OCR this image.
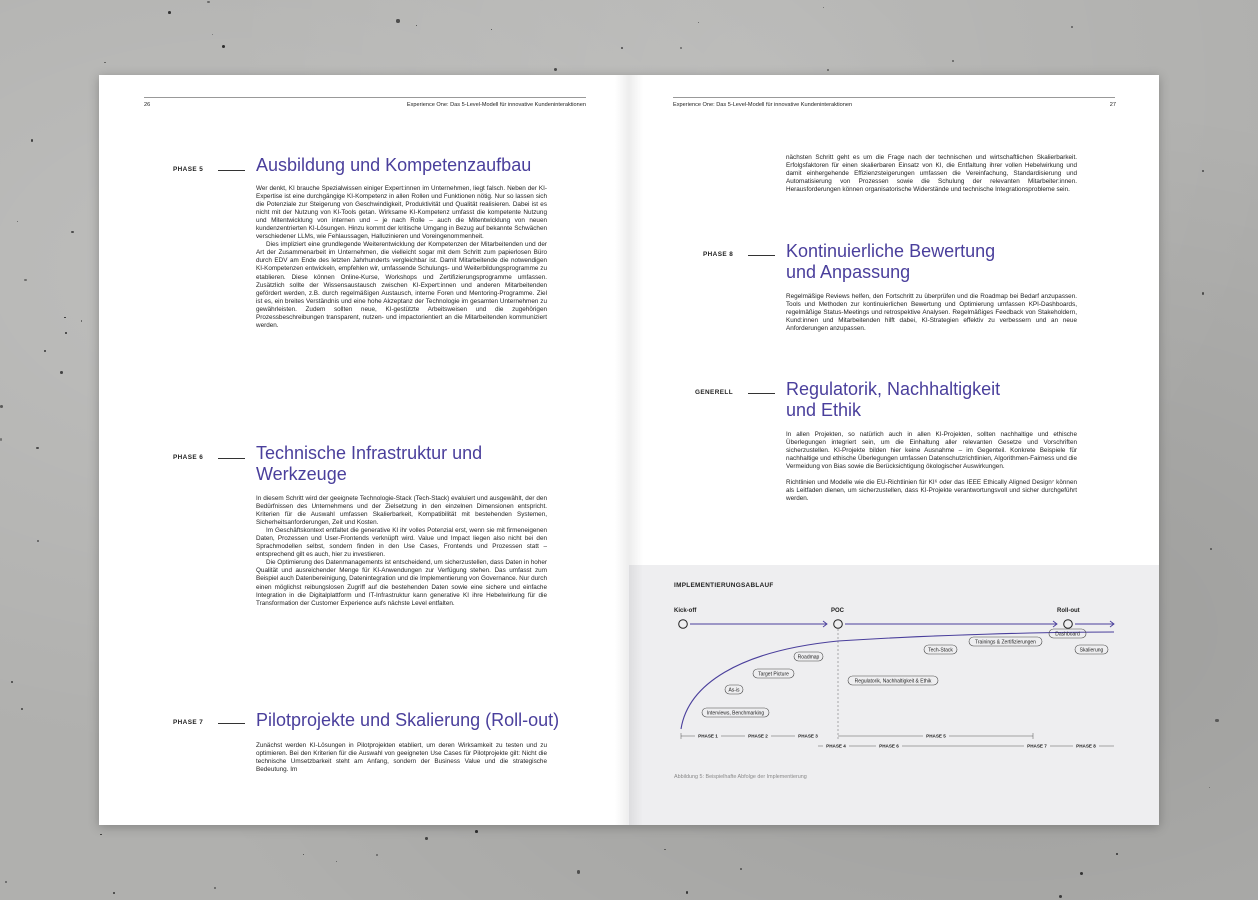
26	Experience One: Das 5-Level-Modell für innovative Kundeninteraktionen
PHASE 5	Ausbildung und Kompetenzaufbau

Wer denkt, KI brauche Spezialwissen einiger Expert:innen im Unternehmen, liegt falsch. Neben der KI-Expertise ist eine durchgängige KI-Kompetenz in allen Rollen und Funktionen nötig. Nur so lassen sich die Potenziale zur Steigerung von Geschwindigkeit, Produktivität und Qualität realisieren. Dabei ist es nicht mit der Nutzung von KI-Tools getan. Wirksame KI-Kompetenz umfasst die kompetente Nutzung und Mitentwicklung von internen und – je nach Rolle – auch die Mitentwicklung von neuen kundenzentrierten KI-Lösungen. Hinzu kommt der kritische Umgang in Bezug auf bekannte Schwächen verschiedener LLMs, wie Fehlaussagen, Halluzinieren und Voreingenommenheit.

Dies impliziert eine grundlegende Weiterentwicklung der Kompetenzen der Mitarbeitenden und der Art der Zusammenarbeit im Unternehmen, die vielleicht sogar mit dem Schritt zum papierlosen Büro durch EDV am Ende des letzten Jahrhunderts vergleichbar ist. Damit Mitarbeitende die notwendigen KI-Kompetenzen entwickeln, empfehlen wir, umfassende Schulungs- und Weiterbildungsprogramme zu etablieren. Diese können Online-Kurse, Workshops und Zertifizierungsprogramme umfassen. Zusätzlich sollte der Wissensaustausch zwischen KI-Expert:innen und anderen Mitarbeitenden gefördert werden, z.B. durch regelmäßigen Austausch, interne Foren und Mentoring-Programme. Ziel ist es, ein breites Verständnis und eine hohe Akzeptanz der Technologie im gesamten Unternehmen zu gewährleisten. Zudem sollten neue, KI-gestützte Arbeitsweisen und die zugehörigen Prozessbeschreibungen transparent, nutzen- und impactorientiert an die Mitarbeitenden kommuniziert werden.

PHASE 6	Technische Infrastruktur und Werkzeuge

In diesem Schritt wird der geeignete Technologie-Stack (Tech-Stack) evaluiert und ausgewählt, der den Bedürfnissen des Unternehmens und der Zielsetzung in den einzelnen Dimensionen entspricht. Kriterien für die Auswahl umfassen Skalierbarkeit, Kompatibilität mit bestehenden Systemen, Sicherheitsanforderungen, Zeit und Kosten.

Im Geschäftskontext entfaltet die generative KI ihr volles Potenzial erst, wenn sie mit firmeneigenen Daten, Prozessen und User-Frontends verknüpft wird. Value und Impact liegen also nicht bei den Sprachmodellen selbst, sondern finden in den Use Cases, Frontends und Prozessen statt – entsprechend gilt es auch, hier zu investieren.

Die Optimierung des Datenmanagements ist entscheidend, um sicherzustellen, dass Daten in hoher Qualität und ausreichender Menge für KI-Anwendungen zur Verfügung stehen. Das umfasst zum Beispiel auch Datenbereinigung, Datenintegration und die Implementierung von Governance. Nur durch einen möglichst reibungslosen Zugriff auf die bestehenden Daten sowie eine sichere und einfache Integration in die Digitalplattform und IT-Infrastruktur kann generative KI ihre Hebelwirkung für die Transformation der Customer Experience aufs nächste Level entfalten.

PHASE 7	Pilotprojekte und Skalierung (Roll-out)

Zunächst werden KI-Lösungen in Pilotprojekten etabliert, um deren Wirksamkeit zu testen und zu optimieren. Bei den Kriterien für die Auswahl von geeigneten Use Cases für Pilotprojekte gilt: Nicht die technische Umsetzbarkeit steht am Anfang, sondern der Business Value und die strategische Bedeutung. Im

Experience One: Das 5-Level-Modell für innovative Kundeninteraktionen	27

nächsten Schritt geht es um die Frage nach der technischen und wirtschaftlichen Skalierbarkeit. Erfolgsfaktoren für einen skalierbaren Einsatz von KI, die Entfaltung ihrer vollen Hebelwirkung und damit einhergehende Effizienzsteigerungen umfassen die Vereinfachung, Standardisierung und Automatisierung von Prozessen sowie die Schulung der relevanten Mitarbeiter:innen. Herausforderungen können organisatorische Widerstände und technische Integrationsprobleme sein.

PHASE 8	Kontinuierliche Bewertung und Anpassung

Regelmäßige Reviews helfen, den Fortschritt zu überprüfen und die Roadmap bei Bedarf anzupassen. Tools und Methoden zur kontinuierlichen Bewertung und Optimierung umfassen KPI-Dashboards, regelmäßige Status-Meetings und retrospektive Analysen. Regelmäßiges Feedback von Stakeholdern, Kund:innen und Mitarbeitenden hilft dabei, KI-Strategien effektiv zu verbessern und an neue Anforderungen anzupassen.

GENERELL	Regulatorik, Nachhaltigkeit und Ethik

In allen Projekten, so natürlich auch in allen KI-Projekten, sollten nachhaltige und ethische Überlegungen integriert sein, um die Einhaltung aller relevanten Gesetze und Vorschriften sicherzustellen. KI-Projekte bilden hier keine Ausnahme – im Gegenteil. Konkrete Beispiele für nachhaltige und ethische Überlegungen umfassen Datenschutzrichtlinien, Algorithmen-Fairness und die Vermeidung von Bias sowie die Berücksichtigung ökologischer Auswirkungen.

Richtlinien und Modelle wie die EU-Richtlinien für KI⁶ oder das IEEE Ethically Aligned Design⁷ können als Leitfaden dienen, um sicherzustellen, dass KI-Projekte verantwortungsvoll und sicher durchgeführt werden.

IMPLEMENTIERUNGSABLAUF
Kick-off	POC	Roll-out
Interviews, Benchmarking
As-is
Target Picture
Roadmap
Regulatorik, Nachhaltigkeit & Ethik
Tech-Stack
Trainings & Zertifizierungen
Dashboard
Skalierung
PHASE 1	PHASE 2	PHASE 3	PHASE 5
PHASE 7	PHASE 8
PHASE 4	PHASE 6
Abbildung 5: Beispielhafte Abfolge der Implementierung
